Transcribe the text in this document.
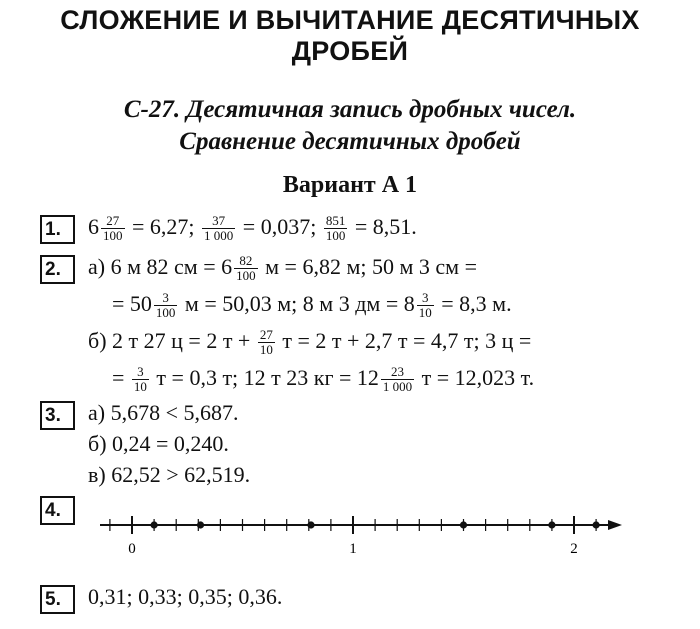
СЛОЖЕНИЕ И ВЫЧИТАНИЕ ДЕСЯТИЧНЫХ
ДРОБЕЙ
С-27. Десятичная запись дробных чисел.
Сравнение десятичных дробей
Вариант А 1
1.	$6 \frac{27}{100} = 6,27$; $\frac{37}{1 000} = 0,037$; $\frac{851}{100} = 8,51$.
2.	а) 6 м 82 см = $6 \frac{82}{100}$ м = 6,82 м; 50 м 3 см =
= $50 \frac{3}{100}$ м = 50,03 м; 8 м 3 дм = $8 \frac{3}{10} = 8,3$ м.
б) 2 т 27 ц = 2 $т + \frac{27}{10}$ т = 2 т + 2,7 т = 4,7 т; 3 ц =
= $\frac{3}{10}$ т = 0,3 т; 12 т 23 кг = $12 \frac{23}{1 000}$ т = 12,023 т.
3.	а) 5,678 < 5,687.
б) 0,24 = 0,240.
в) 62,52 > 62,519.
4.
0	1	2
5.	0,31; 0,33; 0,35; 0,36.
